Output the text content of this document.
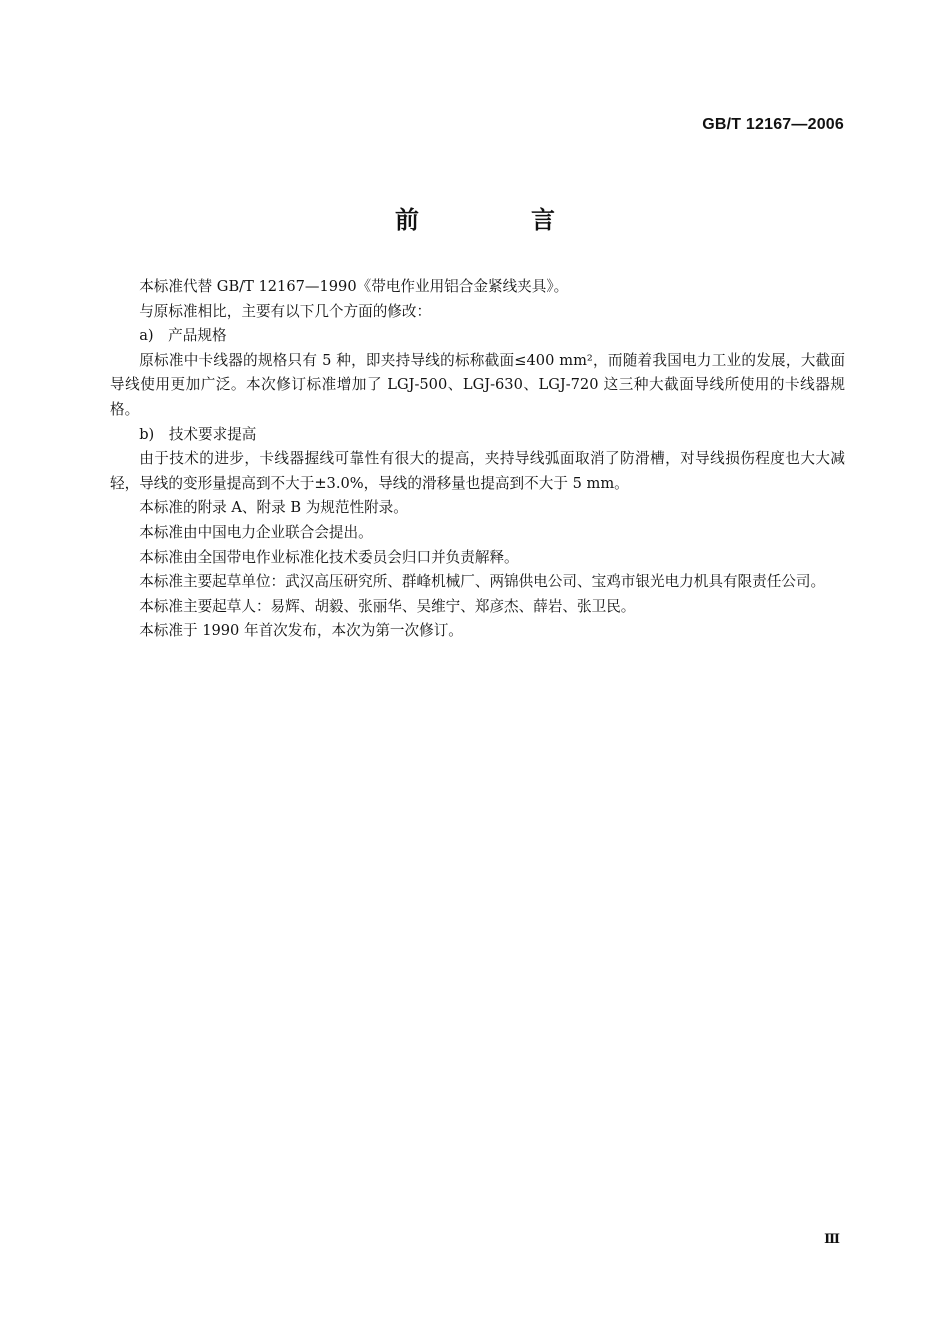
GB/T 12167—2006
前　言

本标准代替 GB/T 12167—1990《带电作业用铝合金紧线夹具》。

与原标准相比，主要有以下几个方面的修改：

a)　产品规格

原标准中卡线器的规格只有 5 种，即夹持导线的标称截面≤400 mm²，而随着我国电力工业的发展，大截面导线使用更加广泛。本次修订标准增加了 LGJ-500、LGJ-630、LGJ-720 这三种大截面导线所使用的卡线器规格。

b)　技术要求提高

由于技术的进步，卡线器握线可靠性有很大的提高，夹持导线弧面取消了防滑槽，对导线损伤程度也大大减轻，导线的变形量提高到不大于±3.0%，导线的滑移量也提高到不大于 5 mm。

本标准的附录 A、附录 B 为规范性附录。

本标准由中国电力企业联合会提出。

本标准由全国带电作业标准化技术委员会归口并负责解释。

本标准主要起草单位：武汉高压研究所、群峰机械厂、两锦供电公司、宝鸡市银光电力机具有限责任公司。

本标准主要起草人：易辉、胡毅、张丽华、吴维宁、郑彦杰、薛岩、张卫民。

本标准于 1990 年首次发布，本次为第一次修订。

Ⅲ
